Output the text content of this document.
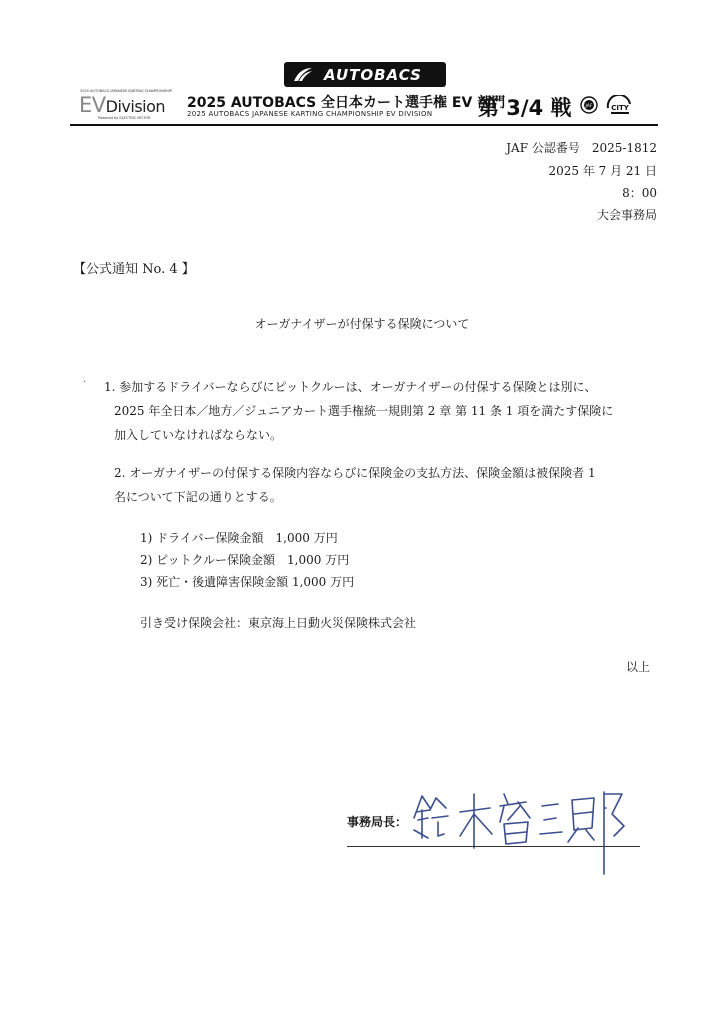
AUTOBACS
2025 AUTOBACS JAPANESE KARTING CHAMPIONSHIP
EVDivision
Powered by ELECTRIC MOTOR
2025 AUTOBACS 全日本カート選手権 EV 部門
2025 AUTOBACS JAPANESE KARTING CHAMPIONSHIP EV DIVISION 第 3/4 戦	JAF	CITY
JAF 公認番号　2025-1812
2025 年 7 月 21 日
8：00
大会事務局
【公式通知 No. 4 】
オーガナイザーが付保する保険について
‧ 1. 参加するドライバーならびにピットクルーは、オーガナイザーの付保する保険とは別に、
2025 年全日本／地方／ジュニアカート選手権統一規則第 2 章 第 11 条 1 項を満たす保険に
加入していなければならない。
2. オーガナイザーの付保する保険内容ならびに保険金の支払方法、保険金額は被保険者 1
名について下記の通りとする。
1) ドライバー保険金額　1,000 万円
2) ピットクルー保険金額　1,000 万円
3) 死亡・後遺障害保険金額 1,000 万円
引き受け保険会社：東京海上日動火災保険株式会社
以上
事務局長：
